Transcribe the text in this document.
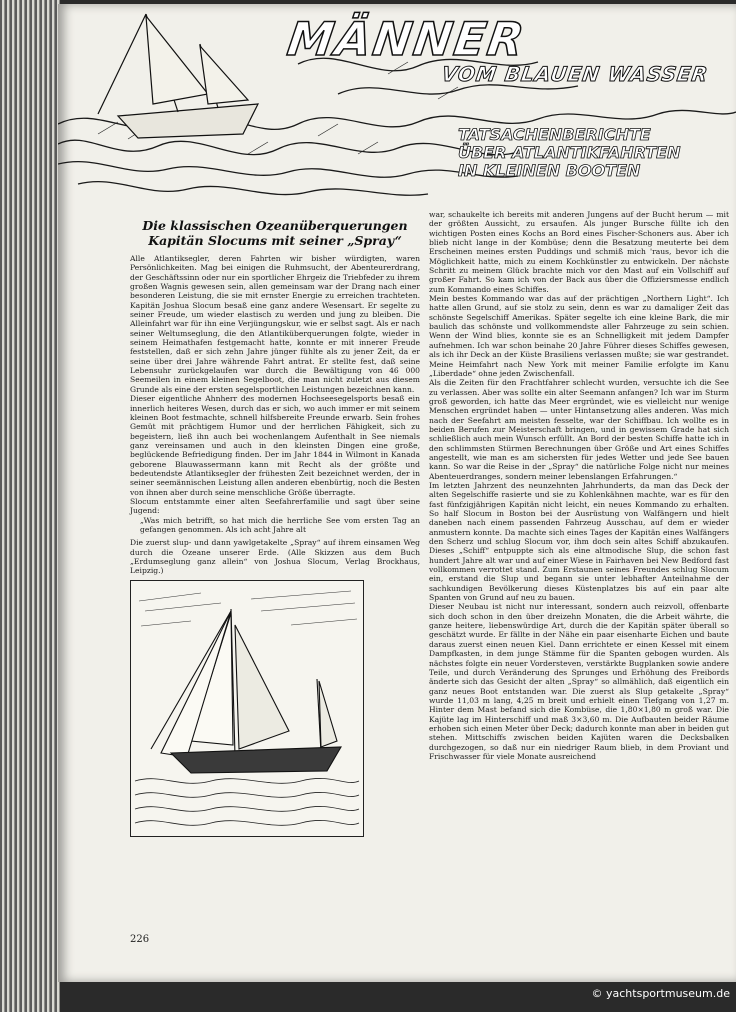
MÄNNER
VOM BLAUEN WASSER
TATSACHENBERICHTE
ÜBER ATLANTIKFAHRTEN
IN KLEINEN BOOTEN
Die klassischen Ozeanüberquerungen
Kapitän Slocums mit seiner „Spray“

Alle Atlantiksegler, deren Fahrten wir bisher würdigten, waren Persönlichkeiten. Mag bei einigen die Ruhmsucht, der Abenteurerdrang, der Geschäftssinn oder nur ein sportlicher Ehrgeiz die Triebfeder zu ihrem großen Wagnis gewesen sein, allen gemeinsam war der Drang nach einer besonderen Leistung, die sie mit ernster Energie zu erreichen trachteten. Kapitän Joshua Slocum besaß eine ganz andere Wesensart. Er segelte zu seiner Freude, um wieder elastisch zu werden und jung zu bleiben. Die Alleinfahrt war für ihn eine Verjüngungskur, wie er selbst sagt. Als er nach seiner Weltumseglung, die den Atlantiküberquerungen folgte, wieder in seinem Heimathafen festgemacht hatte, konnte er mit innerer Freude feststellen, daß er sich zehn Jahre jünger fühlte als zu jener Zeit, da er seine über drei Jahre währende Fahrt antrat. Er stellte fest, daß seine Lebensuhr zurückgelaufen war durch die Bewältigung von 46 000 Seemeilen in einem kleinen Segelboot, die man nicht zuletzt aus diesem Grunde als eine der ersten segelsportlichen Leistungen bezeichnen kann.

Dieser eigentliche Ahnherr des modernen Hochseesegelsports besaß ein innerlich heiteres Wesen, durch das er sich, wo auch immer er mit seinem kleinen Boot festmachte, schnell hilfsbereite Freunde erwarb. Sein frohes Gemüt mit prächtigem Humor und der herrlichen Fähigkeit, sich zu begeistern, ließ ihn auch bei wochenlangem Aufenthalt in See niemals ganz vereinsamen und auch in den kleinsten Dingen eine große, beglückende Befriedigung finden. Der im Jahr 1844 in Wilmont in Kanada geborene Blauwassermann kann mit Recht als der größte und bedeutendste Atlantiksegler der frühesten Zeit bezeichnet werden, der in seiner seemännischen Leistung allen anderen ebenbürtig, noch die Besten von ihnen aber durch seine menschliche Größe überragte.

Slocum entstammte einer alten Seefahrerfamilie und sagt über seine Jugend:

„Was mich betrifft, so hat mich die herrliche See vom ersten Tag an gefangen genommen. Als ich acht Jahre alt

Die zuerst slup- und dann yawlgetakelte „Spray“ auf ihrem einsamen Weg durch die Ozeane unserer Erde. (Alle Skizzen aus dem Buch „Erdumseglung ganz allein“ von Joshua Slocum, Verlag Brockhaus, Leipzig.)

war, schaukelte ich bereits mit anderen Jungens auf der Bucht herum — mit der größten Aussicht, zu ersaufen. Als junger Bursche füllte ich den wichtigen Posten eines Kochs an Bord eines Fischer-Schoners aus. Aber ich blieb nicht lange in der Kombüse; denn die Besatzung meuterte bei dem Erscheinen meines ersten Puddings und schmiß mich 'raus, bevor ich die Möglichkeit hatte, mich zu einem Kochkünstler zu entwickeln. Der nächste Schritt zu meinem Glück brachte mich vor den Mast auf ein Vollschiff auf großer Fahrt. So kam ich von der Back aus über die Offiziersmesse endlich zum Kommando eines Schiffes.

Mein bestes Kommando war das auf der prächtigen „Northern Light“. Ich hatte allen Grund, auf sie stolz zu sein, denn es war zu damaliger Zeit das schönste Segelschiff Amerikas. Später segelte ich eine kleine Bark, die mir baulich das schönste und vollkommendste aller Fahrzeuge zu sein schien. Wenn der Wind blies, konnte sie es an Schnelligkeit mit jedem Dampfer aufnehmen. Ich war schon beinahe 20 Jahre Führer dieses Schiffes gewesen, als ich ihr Deck an der Küste Brasiliens verlassen mußte; sie war gestrandet. Meine Heimfahrt nach New York mit meiner Familie erfolgte im Kanu „Liberdade“ ohne jeden Zwischenfall.

Als die Zeiten für den Frachtfahrer schlecht wurden, versuchte ich die See zu verlassen. Aber was sollte ein alter Seemann anfangen? Ich war im Sturm groß geworden, ich hatte das Meer ergründet, wie es vielleicht nur wenige Menschen ergründet haben — unter Hintansetzung alles anderen. Was mich nach der Seefahrt am meisten fesselte, war der Schiffbau. Ich wollte es in beiden Berufen zur Meisterschaft bringen, und in gewissem Grade hat sich schließlich auch mein Wunsch erfüllt. An Bord der besten Schiffe hatte ich in den schlimmsten Stürmen Berechnungen über Größe und Art eines Schiffes angestellt, wie man es am sichersten für jedes Wetter und jede See bauen kann. So war die Reise in der „Spray“ die natürliche Folge nicht nur meines Abenteuerdranges, sondern meiner lebenslangen Erfahrungen.“

Im letzten Jahrzent des neunzehnten Jahrhunderts, da man das Deck der alten Segelschiffe rasierte und sie zu Kohlenkähnen machte, war es für den fast fünfzigjährigen Kapitän nicht leicht, ein neues Kommando zu erhalten. So half Slocum in Boston bei der Ausrüstung von Walfängern und hielt daneben nach einem passenden Fahrzeug Ausschau, auf dem er wieder anmustern konnte. Da machte sich eines Tages der Kapitän eines Walfängers den Scherz und schlug Slocum vor, ihm doch sein altes Schiff abzukaufen. Dieses „Schiff“ entpuppte sich als eine altmodische Slup, die schon fast hundert Jahre alt war und auf einer Wiese in Fairhaven bei New Bedford fast vollkommen verrottet stand. Zum Erstaunen seines Freundes schlug Slocum ein, erstand die Slup und begann sie unter lebhafter Anteilnahme der sachkundigen Bevölkerung dieses Küstenplatzes bis auf ein paar alte Spanten von Grund auf neu zu bauen.

Dieser Neubau ist nicht nur interessant, sondern auch reizvoll, offenbarte sich doch schon in den über dreizehn Monaten, die die Arbeit währte, die ganze heitere, liebenswürdige Art, durch die der Kapitän später überall so geschätzt wurde. Er fällte in der Nähe ein paar eisenharte Eichen und baute daraus zuerst einen neuen Kiel. Dann errichtete er einen Kessel mit einem Dampfkasten, in dem junge Stämme für die Spanten gebogen wurden. Als nächstes folgte ein neuer Vordersteven, verstärkte Bugplanken sowie andere Teile, und durch Veränderung des Sprunges und Erhöhung des Freibords änderte sich das Gesicht der alten „Spray“ so allmählich, daß eigentlich ein ganz neues Boot entstanden war. Die zuerst als Slup getakelte „Spray“ wurde 11,03 m lang, 4,25 m breit und erhielt einen Tiefgang von 1,27 m. Hinter dem Mast befand sich die Kombüse, die 1,80×1,80 m groß war. Die Kajüte lag im Hinterschiff und maß 3×3,60 m. Die Aufbauten beider Räume erhoben sich einen Meter über Deck; dadurch konnte man aber in beiden gut stehen. Mittschiffs zwischen beiden Kajüten waren die Decksbalken durchgezogen, so daß nur ein niedriger Raum blieb, in dem Proviant und Frischwasser für viele Monate ausreichend

226
© yachtsportmuseum.de
